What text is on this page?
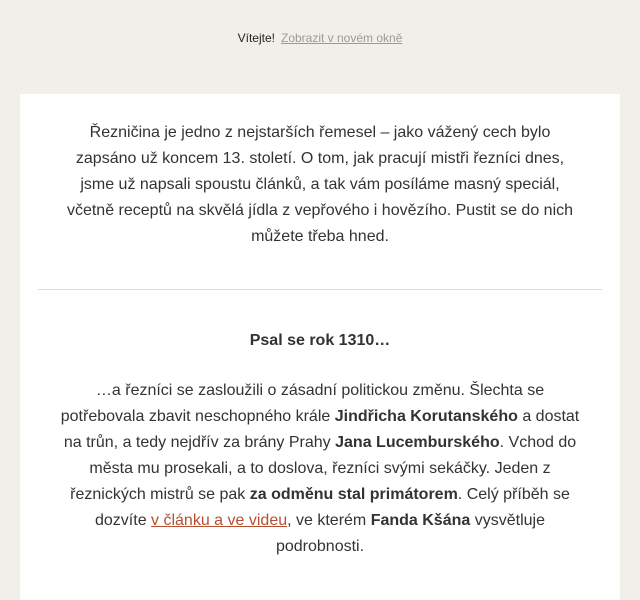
Vítejte! Zobrazit v novém okně

Řezničina je jedno z nejstarších řemesel – jako vážený cech bylo zapsáno už koncem 13. století. O tom, jak pracují mistři řezníci dnes, jsme už napsali spoustu článků, a tak vám posíláme masný speciál, včetně receptů na skvělá jídla z vepřového i hovězího. Pustit se do nich můžete třeba hned.

Psal se rok 1310…

…a řezníci se zasloužili o zásadní politickou změnu. Šlechta se potřebovala zbavit neschopného krále Jindřicha Korutanského a dostat na trůn, a tedy nejdřív za brány Prahy Jana Lucemburského. Vchod do města mu prosekali, a to doslova, řezníci svými sekáčky. Jeden z řeznických mistrů se pak za odměnu stal primátorem. Celý příběh se dozvíte v článku a ve videu, ve kterém Fanda Kšána vysvětluje podrobnosti.
